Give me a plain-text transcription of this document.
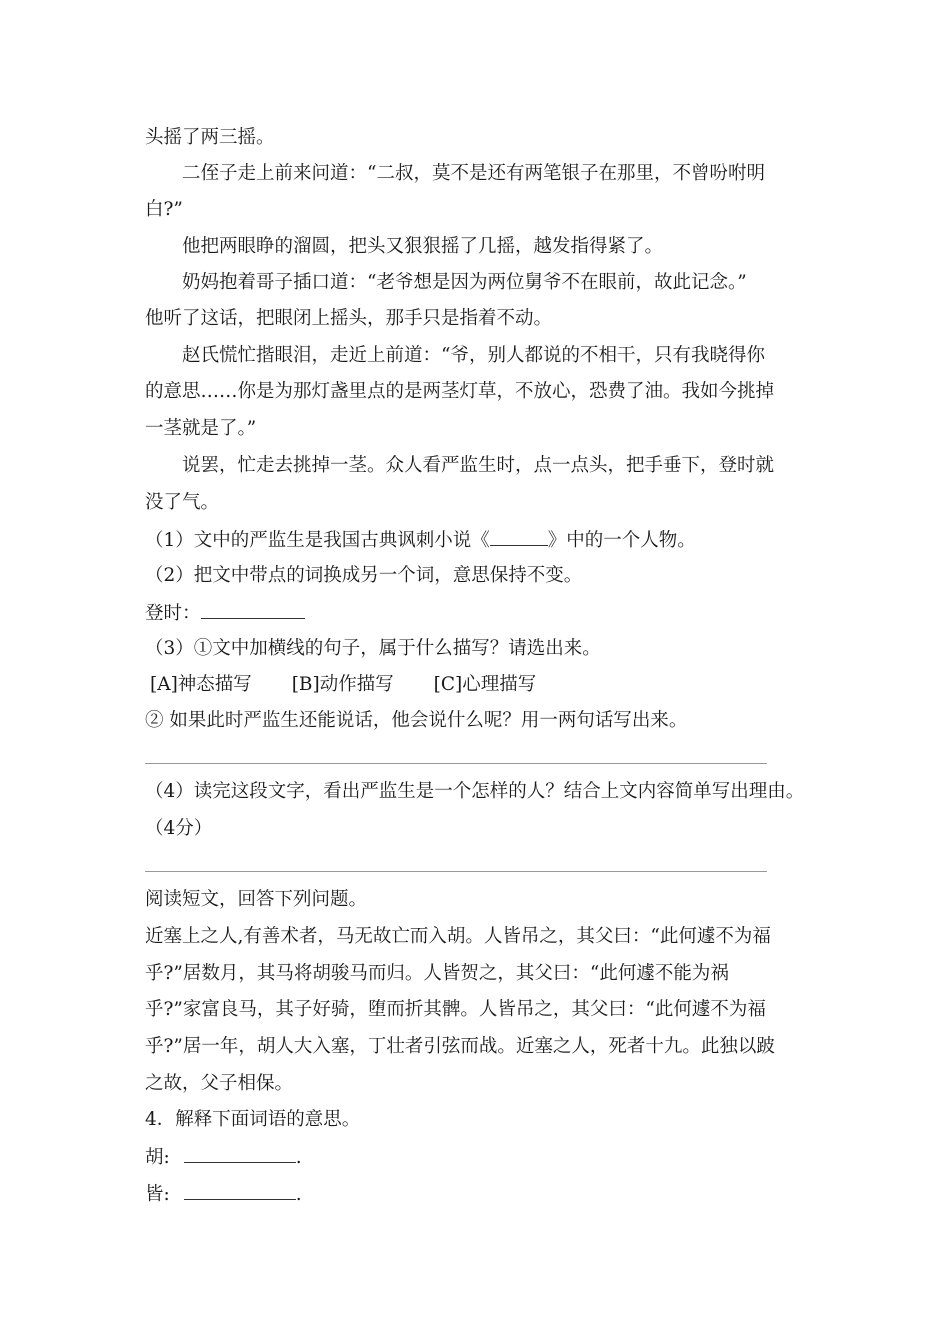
头摇了两三摇。
二侄子走上前来问道：“二叔，莫不是还有两笔银子在那里，不曾吩咐明
白?”
他把两眼睁的溜圆，把头又狠狠摇了几摇，越发指得紧了。
奶妈抱着哥子插口道：“老爷想是因为两位舅爷不在眼前，故此记念。”
他听了这话，把眼闭上摇头，那手只是指着不动。
赵氏慌忙揩眼泪，走近上前道：“爷，别人都说的不相干，只有我晓得你
的意思……你是为那灯盏里点的是两茎灯草，不放心，恐费了油。我如今挑掉
一茎就是了。”
说罢，忙走去挑掉一茎。众人看严监生时，点一点头，把手垂下，登时就
没了气。
（1）文中的严监生是我国古典讽刺小说《	》中的一个人物。
（2）把文中带点的词换成另一个词，意思保持不变。
登时：
（3）①文中加横线的句子，属于什么描写？请选出来。
[A]神态描写 [B]动作描写 [C]心理描写
② 如果此时严监生还能说话，他会说什么呢？用一两句话写出来。
（4）读完这段文字，看出严监生是一个怎样的人？结合上文内容简单写出理由。
（4分）
阅读短文，回答下列问题。
近塞上之人,有善术者，马无故亡而入胡。人皆吊之，其父曰：“此何遽不为福
乎?”居数月，其马将胡骏马而归。人皆贺之，其父曰：“此何遽不能为祸
乎?”家富良马，其子好骑，堕而折其髀。人皆吊之，其父曰：“此何遽不为福
乎?”居一年，胡人大入塞，丁壮者引弦而战。近塞之人，死者十九。此独以跛
之故，父子相保。
4．解释下面词语的意思。
胡:	.
皆:	.
